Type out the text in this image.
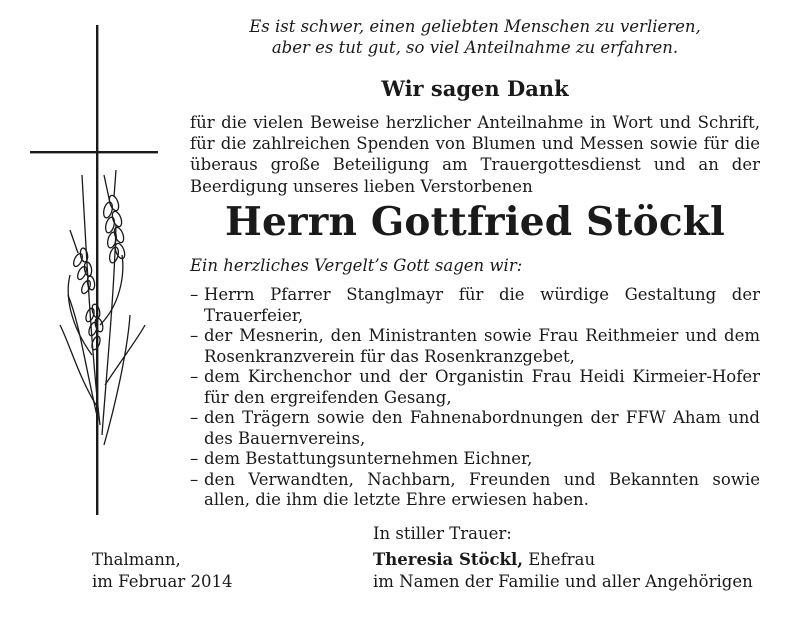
Es ist schwer, einen geliebten Menschen zu verlieren,
aber es tut gut, so viel Anteilnahme zu erfahren.
Wir sagen Dank
für die vielen Beweise herzlicher Anteilnahme in Wort und Schrift, für die zahlreichen Spenden von Blumen und Messen sowie für die überaus große Beteiligung am Trauergottesdienst und an der Beerdigung unseres lieben Verstorbenen
Herrn Gottfried Stöckl
Ein herzliches Vergelt’s Gott sagen wir:
– Herrn Pfarrer Stanglmayr für die würdige Gestaltung der Trauerfeier,
– der Mesnerin, den Ministranten sowie Frau Reithmeier und dem Rosenkranzverein für das Rosenkranzgebet,
– dem Kirchenchor und der Organistin Frau Heidi Kirmeier-Hofer für den ergreifenden Gesang,
– den Trägern sowie den Fahnenabordnungen der FFW Aham und des Bauernvereins,
– dem Bestattungsunternehmen Eichner,
– den Verwandten, Nachbarn, Freunden und Bekannten sowie allen, die ihm die letzte Ehre erwiesen haben.
In stiller Trauer:
Thalmann,
im Februar 2014
Theresia Stöckl, Ehefrau
im Namen der Familie und aller Angehörigen
